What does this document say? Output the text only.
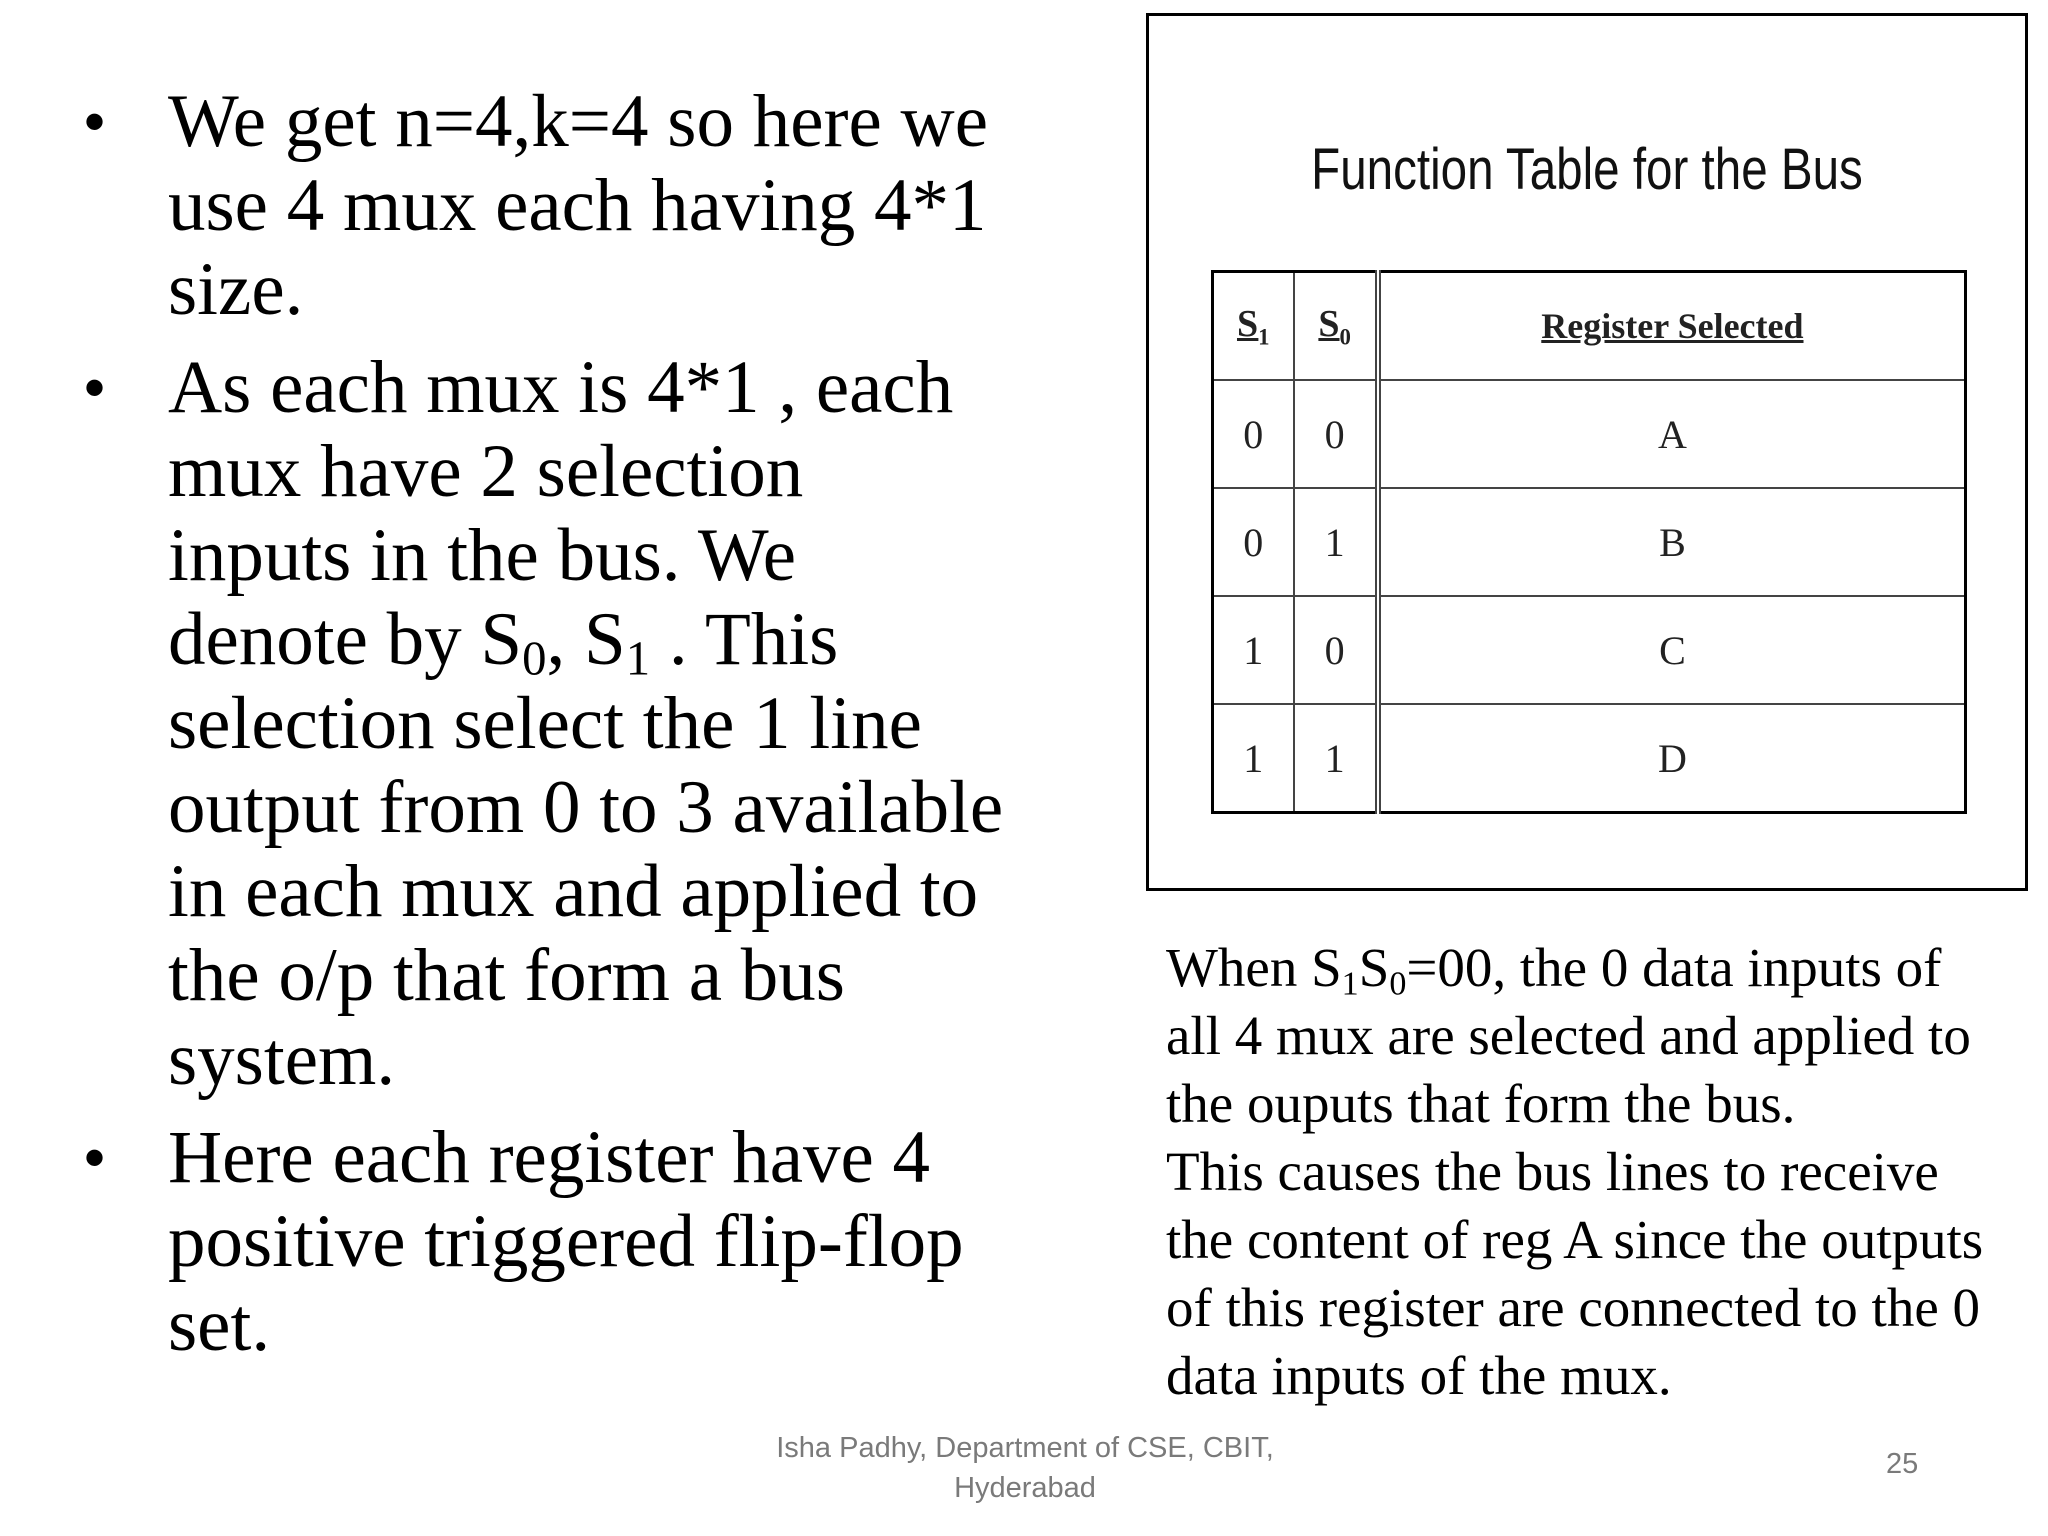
• We get n=4,k=4 so here we use 4 mux each having 4*1 size.
• As each mux is 4*1 , each mux have 2 selection inputs in the bus. We denote by $S_0$, $S_1$ . This selection select the 1 line output from 0 to 3 available in each mux and applied to the o/p that form a bus system.
• Here each register have 4 positive triggered flip-flop set.
Function Table for the Bus
$S_1$	$S_0$	Register Selected
0	0	A
0	1	B
1	0	C
1	1	D

When $S_1S_0=00$, the 0 data inputs of all 4 mux are selected and applied to the ouputs that form the bus.

This causes the bus lines to receive the content of reg A since the outputs of this register are connected to the 0 data inputs of the mux.

Isha Padhy, Department of CSE, CBIT, Hyderabad
25
